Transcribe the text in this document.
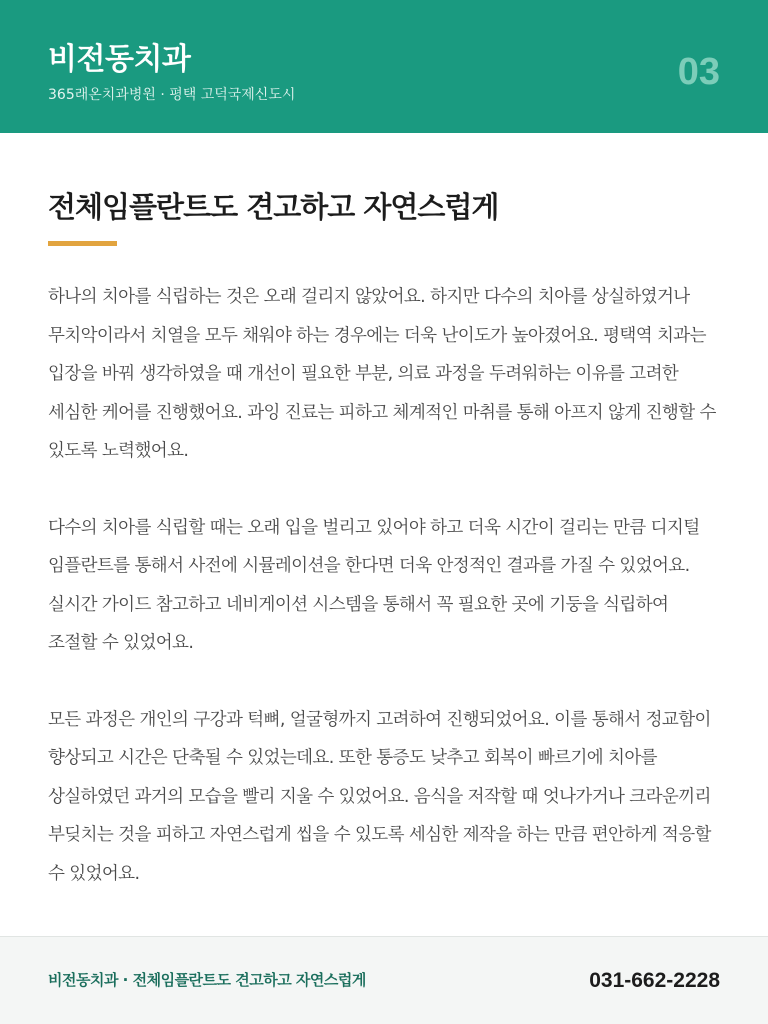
비전동치과
365래온치과병원 · 평택 고덕국제신도시
03
전체임플란트도 견고하고 자연스럽게

하나의 치아를 식립하는 것은 오래 걸리지 않았어요. 하지만 다수의 치아를 상실하였거나 무치악이라서 치열을 모두 채워야 하는 경우에는 더욱 난이도가 높아졌어요. 평택역 치과는 입장을 바꿔 생각하였을 때 개선이 필요한 부분, 의료 과정을 두려워하는 이유를 고려한 세심한 케어를 진행했어요. 과잉 진료는 피하고 체계적인 마취를 통해 아프지 않게 진행할 수 있도록 노력했어요.

다수의 치아를 식립할 때는 오래 입을 벌리고 있어야 하고 더욱 시간이 걸리는 만큼 디지털 임플란트를 통해서 사전에 시뮬레이션을 한다면 더욱 안정적인 결과를 가질 수 있었어요. 실시간 가이드 참고하고 네비게이션 시스템을 통해서 꼭 필요한 곳에 기둥을 식립하여 조절할 수 있었어요.

모든 과정은 개인의 구강과 턱뼈, 얼굴형까지 고려하여 진행되었어요. 이를 통해서 정교함이 향상되고 시간은 단축될 수 있었는데요. 또한 통증도 낮추고 회복이 빠르기에 치아를 상실하였던 과거의 모습을 빨리 지울 수 있었어요. 음식을 저작할 때 엇나가거나 크라운끼리 부딪치는 것을 피하고 자연스럽게 씹을 수 있도록 세심한 제작을 하는 만큼 편안하게 적응할 수 있었어요.

비전동치과 · 전체임플란트도 견고하고 자연스럽게	031-662-2228
